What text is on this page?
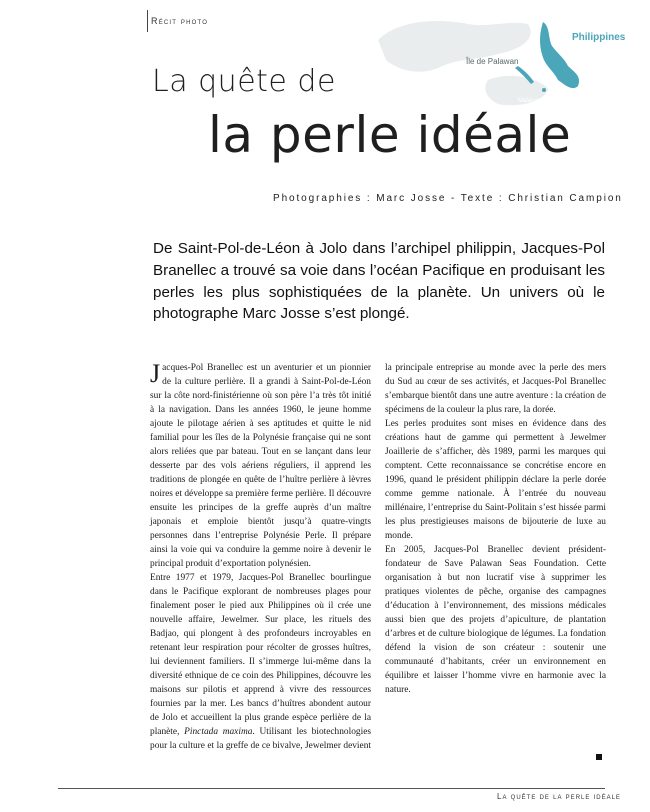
Récit photo
Philippines
Île de Palawan
Malaisie
La quête de
la perle idéale
Photographies : Marc Josse - Texte : Christian Campion
De Saint-Pol-de-Léon à Jolo dans l’archipel philippin, Jacques-Pol Branellec a trouvé sa voie dans l’océan Pacifique en produisant les perles les plus sophistiquées de la planète. Un univers où le photographe Marc Josse s’est plongé.

Jacques-Pol Branellec est un aventurier et un pionnier de la culture perlière. Il a grandi à Saint-Pol-de-Léon sur la côte nord-finistérienne où son père l’a très tôt initié à la navigation. Dans les années 1960, le jeune homme ajoute le pilotage aérien à ses aptitudes et quitte le nid familial pour les îles de la Polynésie française qui ne sont alors reliées que par bateau. Tout en se lançant dans leur desserte par des vols aériens réguliers, il apprend les traditions de plongée en quête de l’huître perlière à lèvres noires et développe sa première ferme perlière. Il découvre ensuite les principes de la greffe auprès d’un maître japonais et emploie bientôt jusqu’à quatre-vingts personnes dans l’entreprise Polynésie Perle. Il prépare ainsi la voie qui va conduire la gemme noire à devenir le principal produit d’exportation polynésien.

Entre 1977 et 1979, Jacques-Pol Branellec bourlingue dans le Pacifique explorant de nombreuses plages pour finalement poser le pied aux Philippines où il crée une nouvelle affaire, Jewelmer. Sur place, les rituels des Badjao, qui plongent à des profondeurs incroyables en retenant leur respiration pour récolter de grosses huîtres, lui deviennent familiers. Il s’immerge lui-même dans la diversité ethnique de ce coin des Philippines, découvre les maisons sur pilotis et apprend à vivre des ressources fournies par la mer. Les bancs d’huîtres abondent autour de Jolo et accueillent la plus grande espèce perlière de la planète, Pinctada maxima. Utilisant les biotechnologies pour la culture et la greffe de ce bivalve, Jewelmer devient la principale entreprise au monde avec la perle des mers du Sud au cœur de ses activités, et Jacques-Pol Branellec s’embarque bientôt dans une autre aventure : la création de spécimens de la couleur la plus rare, la dorée.

Les perles produites sont mises en évidence dans des créations haut de gamme qui permettent à Jewelmer Joaillerie de s’afficher, dès 1989, parmi les marques qui comptent. Cette reconnaissance se concrétise encore en 1996, quand le président philippin déclare la perle dorée comme gemme nationale. À l’entrée du nouveau millénaire, l’entreprise du Saint-Politain s’est hissée parmi les plus prestigieuses maisons de bijouterie de luxe au monde.

En 2005, Jacques-Pol Branellec devient président-fondateur de Save Palawan Seas Foundation. Cette organisation à but non lucratif vise à supprimer les pratiques violentes de pêche, organise des campagnes d’éducation à l’environnement, des missions médicales aussi bien que des projets d’apiculture, de plantation d’arbres et de culture biologique de légumes. La fondation défend la vision de son créateur : soutenir une communauté d’habitants, créer un environnement en équilibre et laisser l’homme vivre en harmonie avec la nature.

La quête de la perle idéale
